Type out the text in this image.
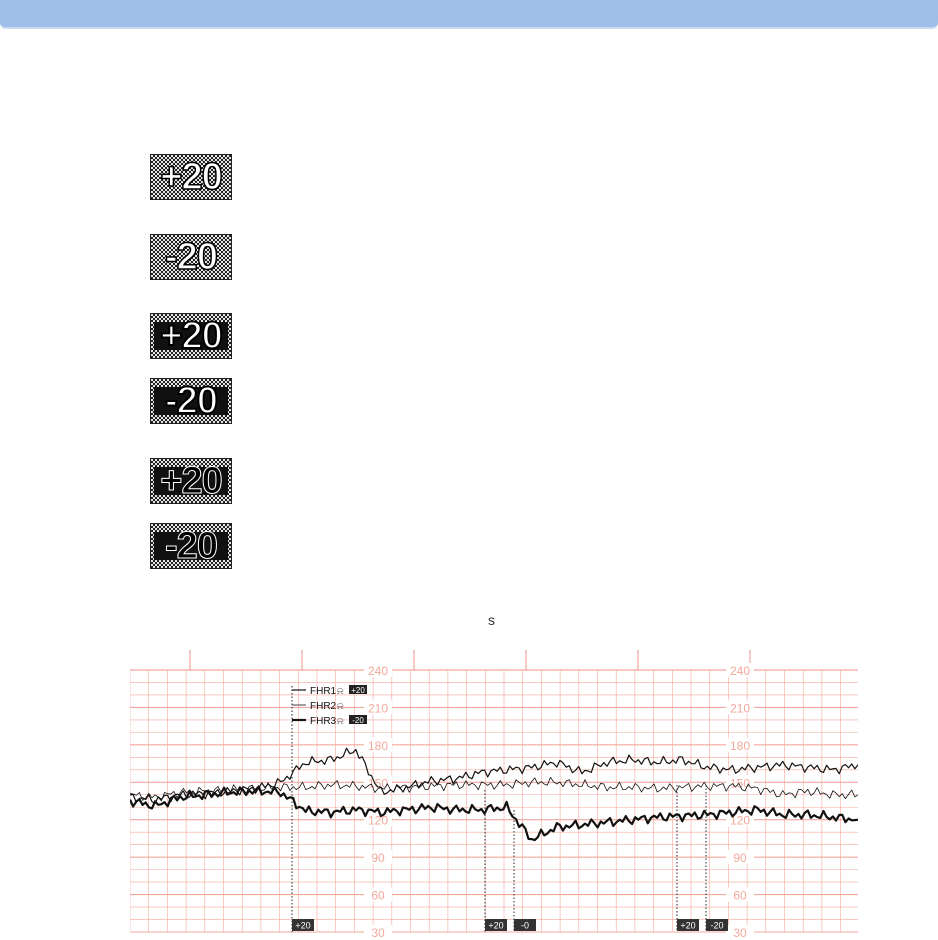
+20
-20
+20
-20
+20
-20
s
240
210
180
150
120
90
60
30
240
210
180
150
120
90
60
30
FHR1 ⍾ +20
FHR2 ⍾
FHR3 ⍾ -20
+20	+20 -0	+20 -20
